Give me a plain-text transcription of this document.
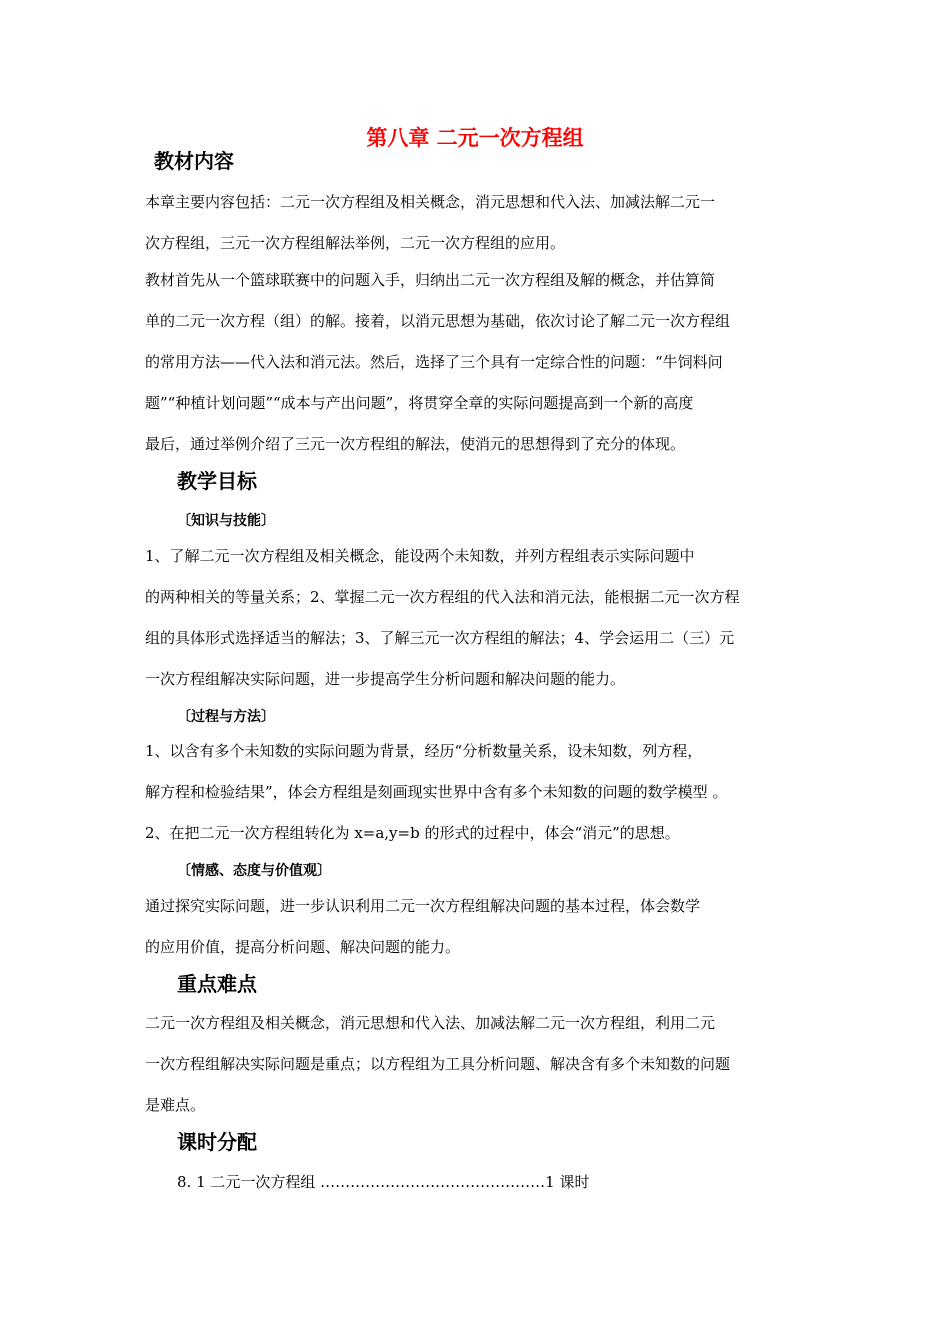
第八章 二元一次方程组
教材内容
本章主要内容包括：二元一次方程组及相关概念，消元思想和代入法、加减法解二元一
次方程组，三元一次方程组解法举例，二元一次方程组的应用。
教材首先从一个篮球联赛中的问题入手，归纳出二元一次方程组及解的概念，并估算简
单的二元一次方程（组）的解。接着，以消元思想为基础，依次讨论了解二元一次方程组
的常用方法——代入法和消元法。然后，选择了三个具有一定综合性的问题：“牛饲料问
题”“种植计划问题”“成本与产出问题”，将贯穿全章的实际问题提高到一个新的高度
最后，通过举例介绍了三元一次方程组的解法，使消元的思想得到了充分的体现。
教学目标
〔知识与技能〕
1、了解二元一次方程组及相关概念，能设两个未知数，并列方程组表示实际问题中
的两种相关的等量关系；2、掌握二元一次方程组的代入法和消元法，能根据二元一次方程
组的具体形式选择适当的解法；3、了解三元一次方程组的解法；4、学会运用二（三）元
一次方程组解决实际问题，进一步提高学生分析问题和解决问题的能力。
〔过程与方法〕
1、以含有多个未知数的实际问题为背景，经历“分析数量关系，设未知数，列方程，
解方程和检验结果”，体会方程组是刻画现实世界中含有多个未知数的问题的数学模型 。
2、在把二元一次方程组转化为 x=a,y=b 的形式的过程中，体会“消元”的思想。
〔情感、态度与价值观〕
通过探究实际问题，进一步认识利用二元一次方程组解决问题的基本过程，体会数学
的应用价值，提高分析问题、解决问题的能力。
重点难点
二元一次方程组及相关概念，消元思想和代入法、加减法解二元一次方程组，利用二元
一次方程组解决实际问题是重点；以方程组为工具分析问题、解决含有多个未知数的问题
是难点。
课时分配
8. 1 二元一次方程组 ………………………………………1 课时
